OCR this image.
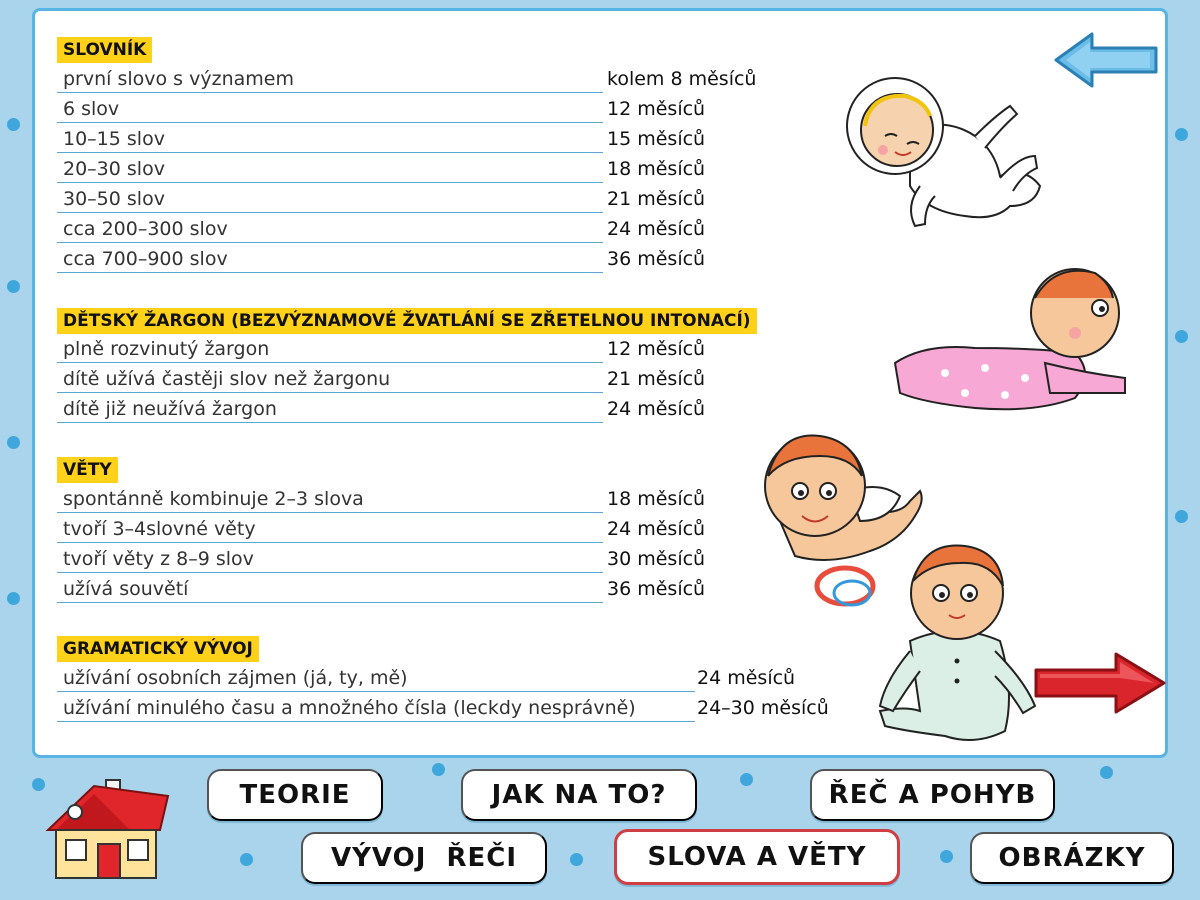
SLOVNÍK
první slovo s významem	kolem 8 měsíců
6 slov	12 měsíců
10–15 slov	15 měsíců
20–30 slov	18 měsíců
30–50 slov	21 měsíců
cca 200–300 slov	24 měsíců
cca 700–900 slov	36 měsíců
DĚTSKÝ ŽARGON (BEZVÝZNAMOVÉ ŽVATLÁNÍ SE ZŘETELNOU INTONACÍ)
plně rozvinutý žargon	12 měsíců
dítě užívá častěji slov než žargonu	21 měsíců
dítě již neužívá žargon	24 měsíců
VĚTY
spontánně kombinuje 2–3 slova	18 měsíců
tvoří 3–4slovné věty	24 měsíců
tvoří věty z 8–9 slov	30 měsíců
užívá souvětí	36 měsíců
GRAMATICKÝ VÝVOJ
užívání osobních zájmen (já, ty, mě)	24 měsíců
užívání minulého času a množného čísla (leckdy nesprávně)	24–30 měsíců
TEORIE	JAK NA TO?	ŘEČ A POHYB
VÝVOJ  ŘEČI	SLOVA A VĚTY	OBRÁZKY
